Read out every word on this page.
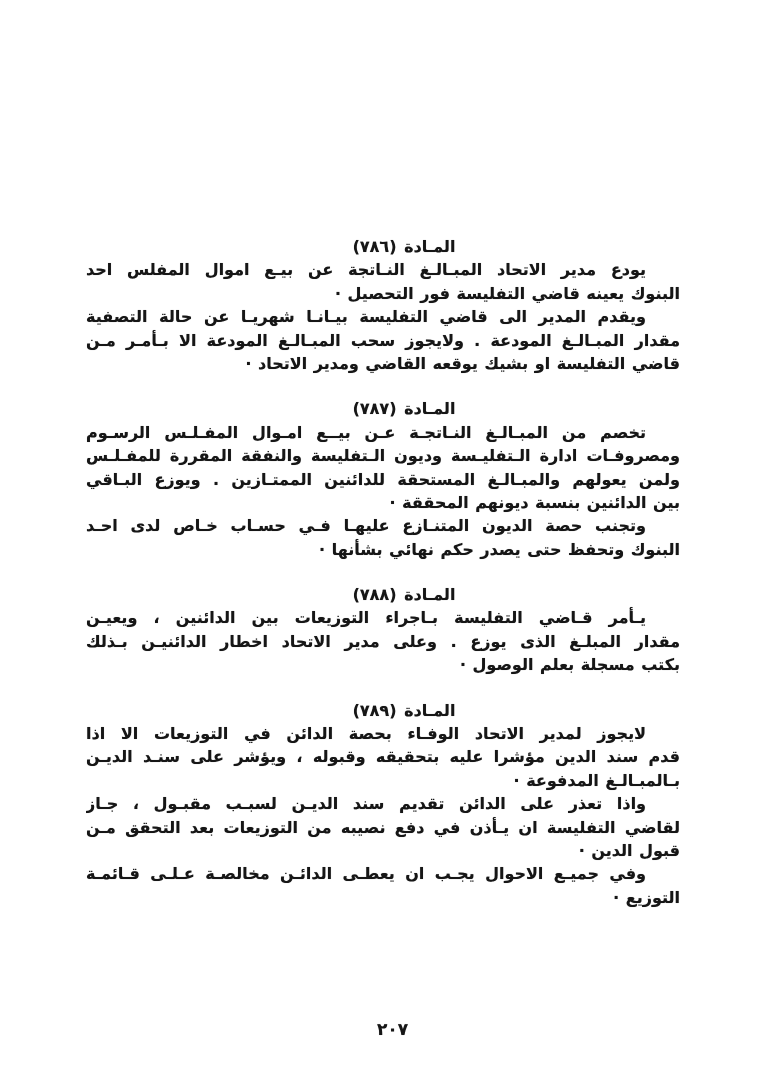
المـادة (٧٨٦)
يودع مدير الاتحاد المبـالـغ النـاتجة عن بيـع اموال المفلس احد
البنوك يعينه قاضي التفليسة فور التحصيل ·
ويقدم المدير الى قاضي التفليسة بيـانـا شهريـا عن حالة التصفية
مقدار المبـالـغ المودعة . ولايجوز سحب المبـالـغ المودعة الا بـأمـر مـن
قاضي التفليسة او بشيك يوقعه القاضي ومدير الاتحاد ·
المـادة (٧٨٧)
تخصم من المبـالـغ النـاتجـة عـن بيــع امـوال المفـلـس الرسـوم
ومصروفـات ادارة الـتفليـسة وديون الـتفليسة والنفقة المقررة للمفـلـس
ولمن يعولهم والمبـالـغ المستحقة للدائنين الممتـازين . ويوزع البـاقي
بين الدائنين بنسبة ديونهم المحققة ·
وتجنب حصة الديون المتنـازع عليهـا فـي حسـاب خـاص لدى احـد
البنوك وتحفظ حتى يصدر حكم نهائي بشأنها ·
المـادة (٧٨٨)
يـأمر قـاضي التفليسة بـاجراء التوزيعات بين الدائنين ، ويعيـن
مقدار المبلـغ الذى يوزع . وعلى مدير الاتحاد اخطار الدائنيـن بـذلك
بكتب مسجلة بعلم الوصول ·
المـادة (٧٨٩)
لايجوز لمدير الاتحاد الوفـاء بحصة الدائن في التوزيعات الا اذا
قدم سند الدين مؤشرا عليه بتحقيقه وقبوله ، ويؤشر على سنـد الديـن
بـالمبـالـغ المدفوعة ·
واذا تعذر على الدائن تقديم سند الديـن لسبـب مقبـول ، جـاز
لقاضي التفليسة ان يـأذن في دفع نصيبه من التوزيعات بعد التحقق مـن
قبول الدين ·
وفي جميـع الاحوال يجـب ان يعطـى الدائـن مخالصـة عـلـى قـائمـة
التوزيع ·
٢٠٧
